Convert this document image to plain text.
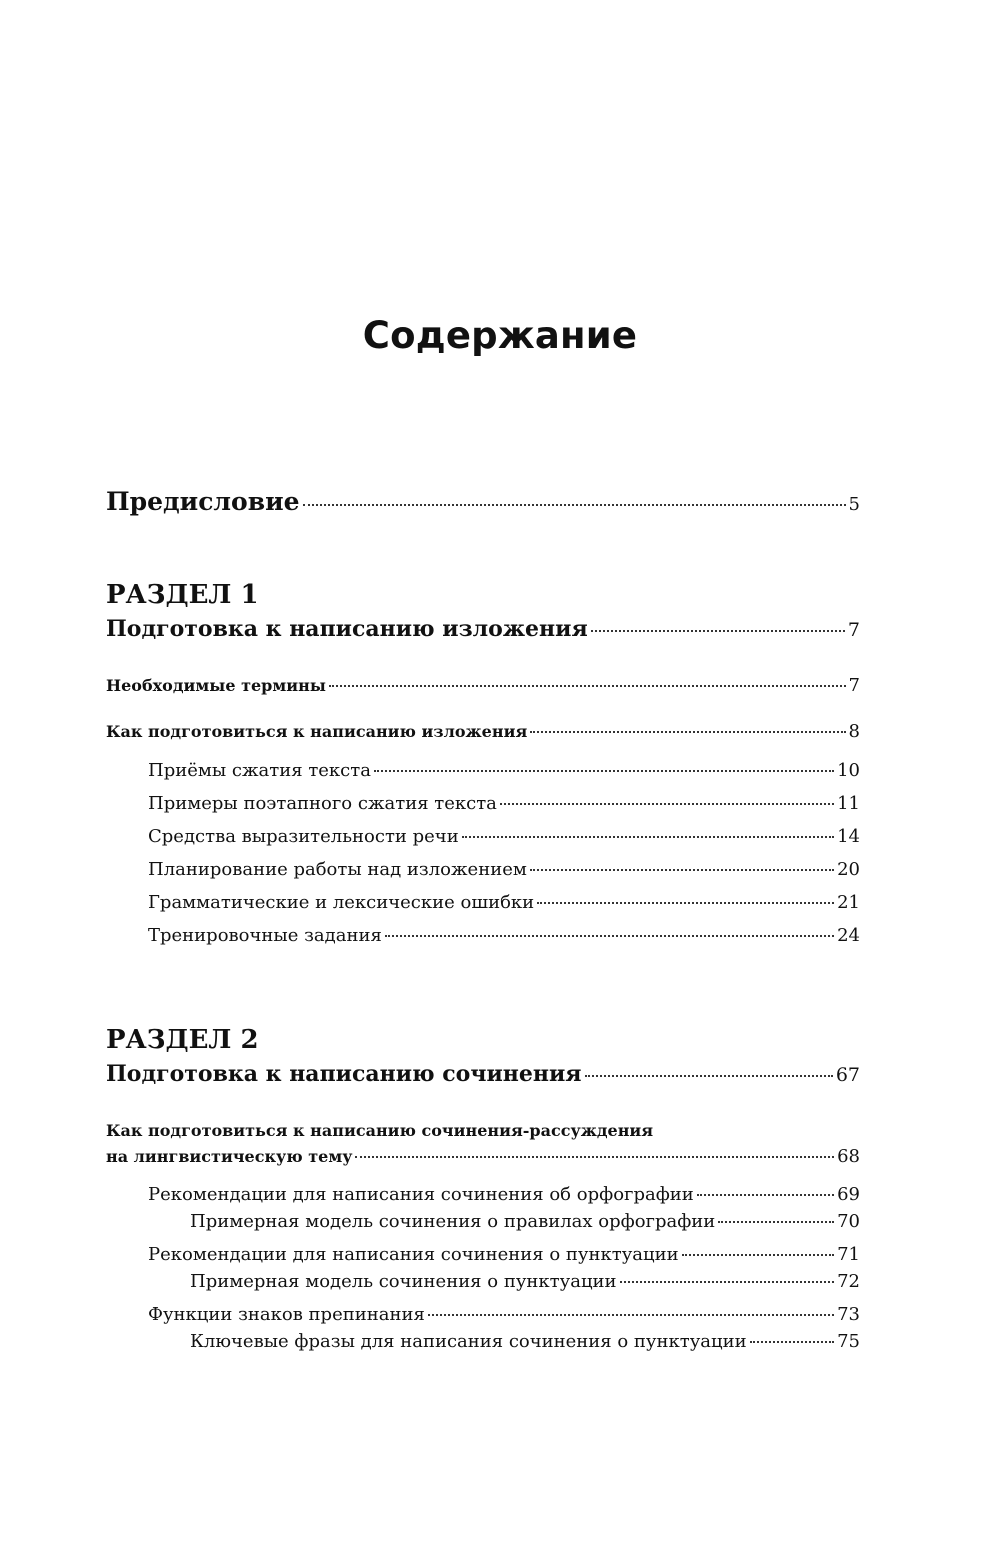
Содержание
Предисловие	5
РАЗДЕЛ 1
Подготовка к написанию изложения	7
Необходимые термины	7
Как подготовиться к написанию изложения	8
Приёмы сжатия текста	10
Примеры поэтапного сжатия текста	11
Средства выразительности речи	14
Планирование работы над изложением	20
Грамматические и лексические ошибки	21
Тренировочные задания	24
РАЗДЕЛ 2
Подготовка к написанию сочинения	67
Как подготовиться к написанию сочинения-рассуждения
на лингвистическую тему	68
Рекомендации для написания сочинения об орфографии	69
Примерная модель сочинения о правилах орфографии	70
Рекомендации для написания сочинения о пунктуации	71
Примерная модель сочинения о пунктуации	72
Функции знаков препинания	73
Ключевые фразы для написания сочинения о пунктуации	75
